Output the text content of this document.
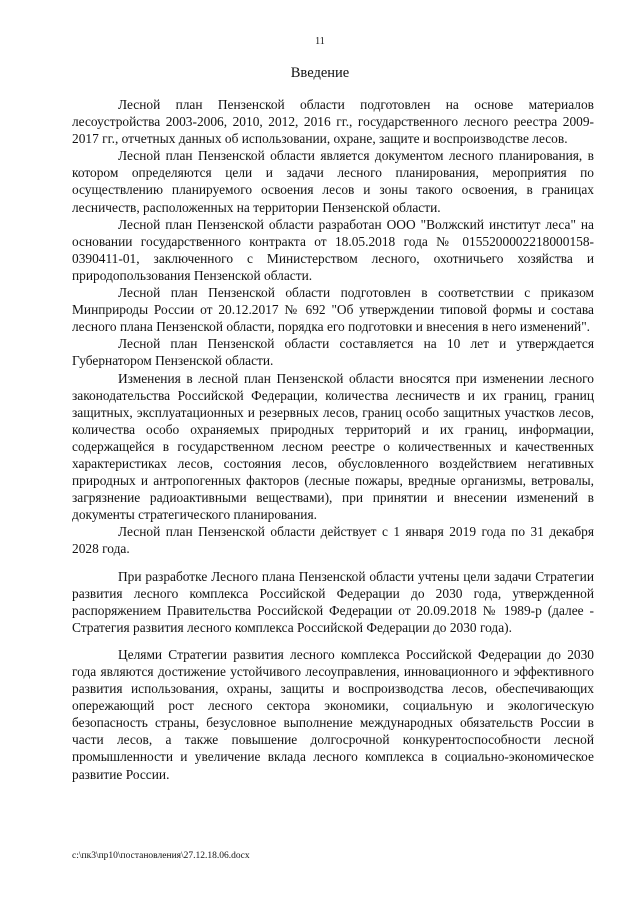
11
Введение

Лесной план Пензенской области подготовлен на основе материалов лесоустройства 2003-2006, 2010, 2012, 2016 гг., государственного лесного реестра 2009-2017 гг., отчетных данных об использовании, охране, защите и воспроизводстве лесов.

Лесной план Пензенской области является документом лесного планирования, в котором определяются цели и задачи лесного планирования, мероприятия по осуществлению планируемого освоения лесов и зоны такого освоения, в границах лесничеств, расположенных на территории Пензенской области.

Лесной план Пензенской области разработан ООО "Волжский институт леса" на основании государственного контракта от 18.05.2018 года № 0155200002218000158-0390411-01, заключенного с Министерством лесного, охотничьего хозяйства и природопользования Пензенской области.

Лесной план Пензенской области подготовлен в соответствии с приказом Минприроды России от 20.12.2017 № 692 "Об утверждении типовой формы и состава лесного плана Пензенской области, порядка его подготовки и внесения в него изменений".

Лесной план Пензенской области составляется на 10 лет и утверждается Губернатором Пензенской области.

Изменения в лесной план Пензенской области вносятся при изменении лесного законодательства Российской Федерации, количества лесничеств и их границ, границ защитных, эксплуатационных и резервных лесов, границ особо защитных участков лесов, количества особо охраняемых природных территорий и их границ, информации, содержащейся в государственном лесном реестре о количественных и качественных характеристиках лесов, состояния лесов, обусловленного воздействием негативных природных и антропогенных факторов (лесные пожары, вредные организмы, ветровалы, загрязнение радиоактивными веществами), при принятии и внесении изменений в документы стратегического планирования.

Лесной план Пензенской области действует с 1 января 2019 года по 31 декабря 2028 года.

При разработке Лесного плана Пензенской области учтены цели задачи Стратегии развития лесного комплекса Российской Федерации до 2030 года, утвержденной распоряжением Правительства Российской Федерации от 20.09.2018 № 1989-р (далее - Стратегия развития лесного комплекса Российской Федерации до 2030 года).

Целями Стратегии развития лесного комплекса Российской Федерации до 2030 года являются достижение устойчивого лесоуправления, инновационного и эффективного развития использования, охраны, защиты и воспроизводства лесов, обеспечивающих опережающий рост лесного сектора экономики, социальную и экологическую безопасность страны, безусловное выполнение международных обязательств России в части лесов, а также повышение долгосрочной конкурентоспособности лесной промышленности и увеличение вклада лесного комплекса в социально-экономическое развитие России.

c:\пк3\пр10\постановления\27.12.18.06.docx
